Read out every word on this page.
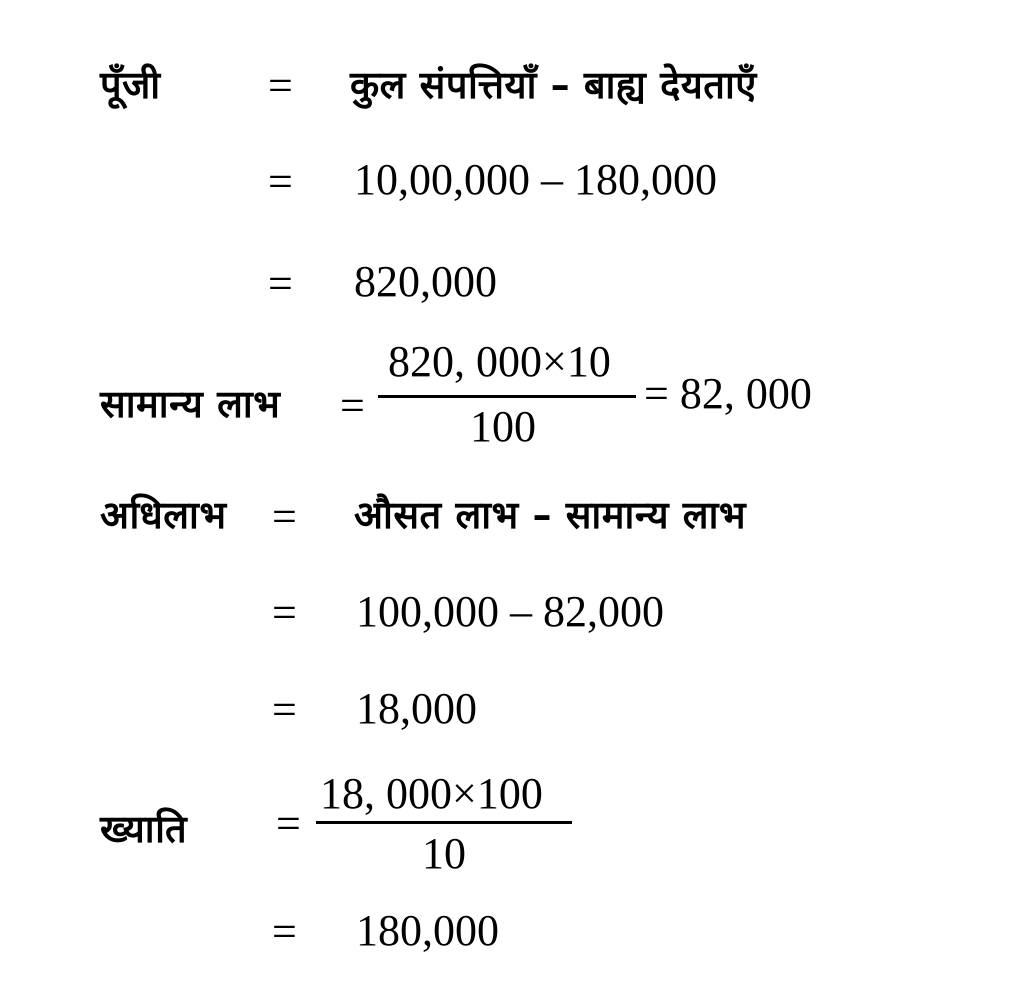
पूँजी = कुल संपत्तियाँ – बाह्य देयताएँ
= 10,00,000 – 180,000
= 820,000
सामान्य लाभ =
820, 000×10
100
= 82, 000
अधिलाभ = औसत लाभ – सामान्य लाभ
= 100,000 – 82,000
= 18,000
ख्याति =
18, 000×100
10
= 180,000
